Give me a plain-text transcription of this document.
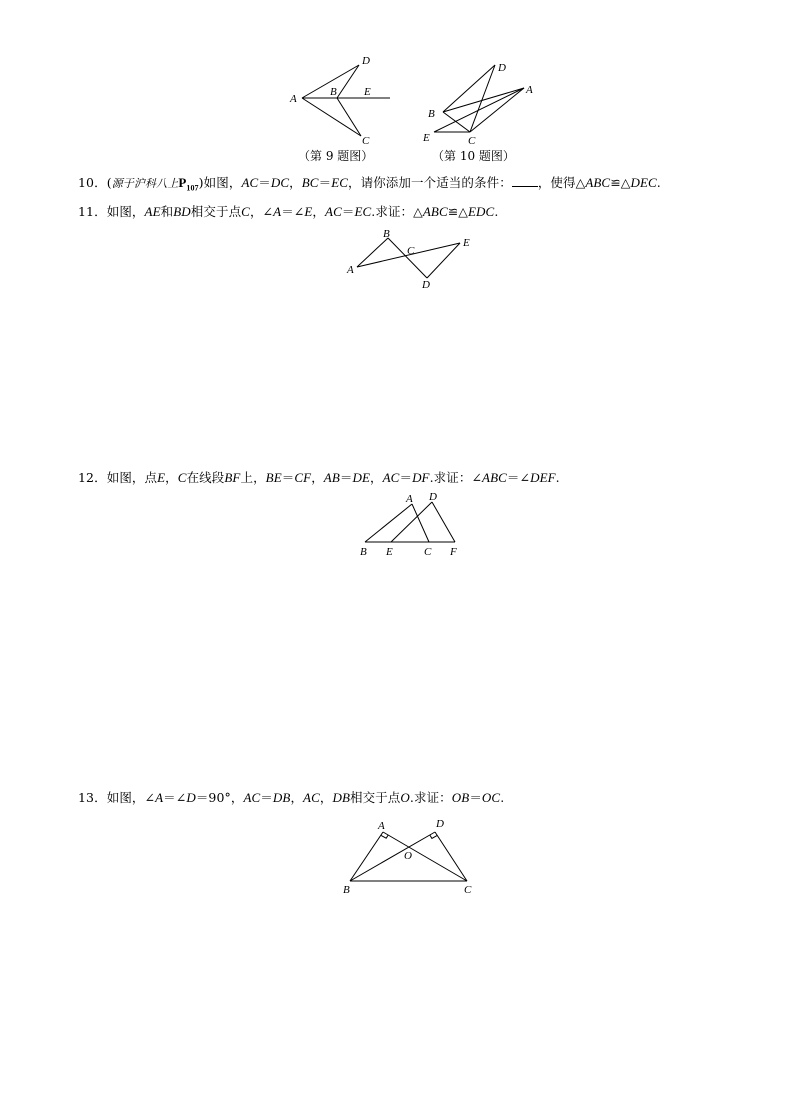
A
B E
D
C
（第 9 题图）
D
A
B
E	C
（第 10 题图）
10．(源于沪科八上$P_{107}$)如图，AC＝DC，BC＝EC，请你添加一个适当的条件： ，使得△ABC≌△DEC.
11．如图，AE和BD相交于点C，∠A＝∠E，AC＝EC.求证：△ABC≌△EDC.
A
B
C
D
E
12．如图，点E，C在线段BF上，BE＝CF，AB＝DE，AC＝DF.求证：∠ABC＝∠DEF.
A D
B E	C F
13．如图，∠A＝∠D＝90°，AC＝DB，AC，DB相交于点O.求证：OB＝OC.
A	D
O
B	C
